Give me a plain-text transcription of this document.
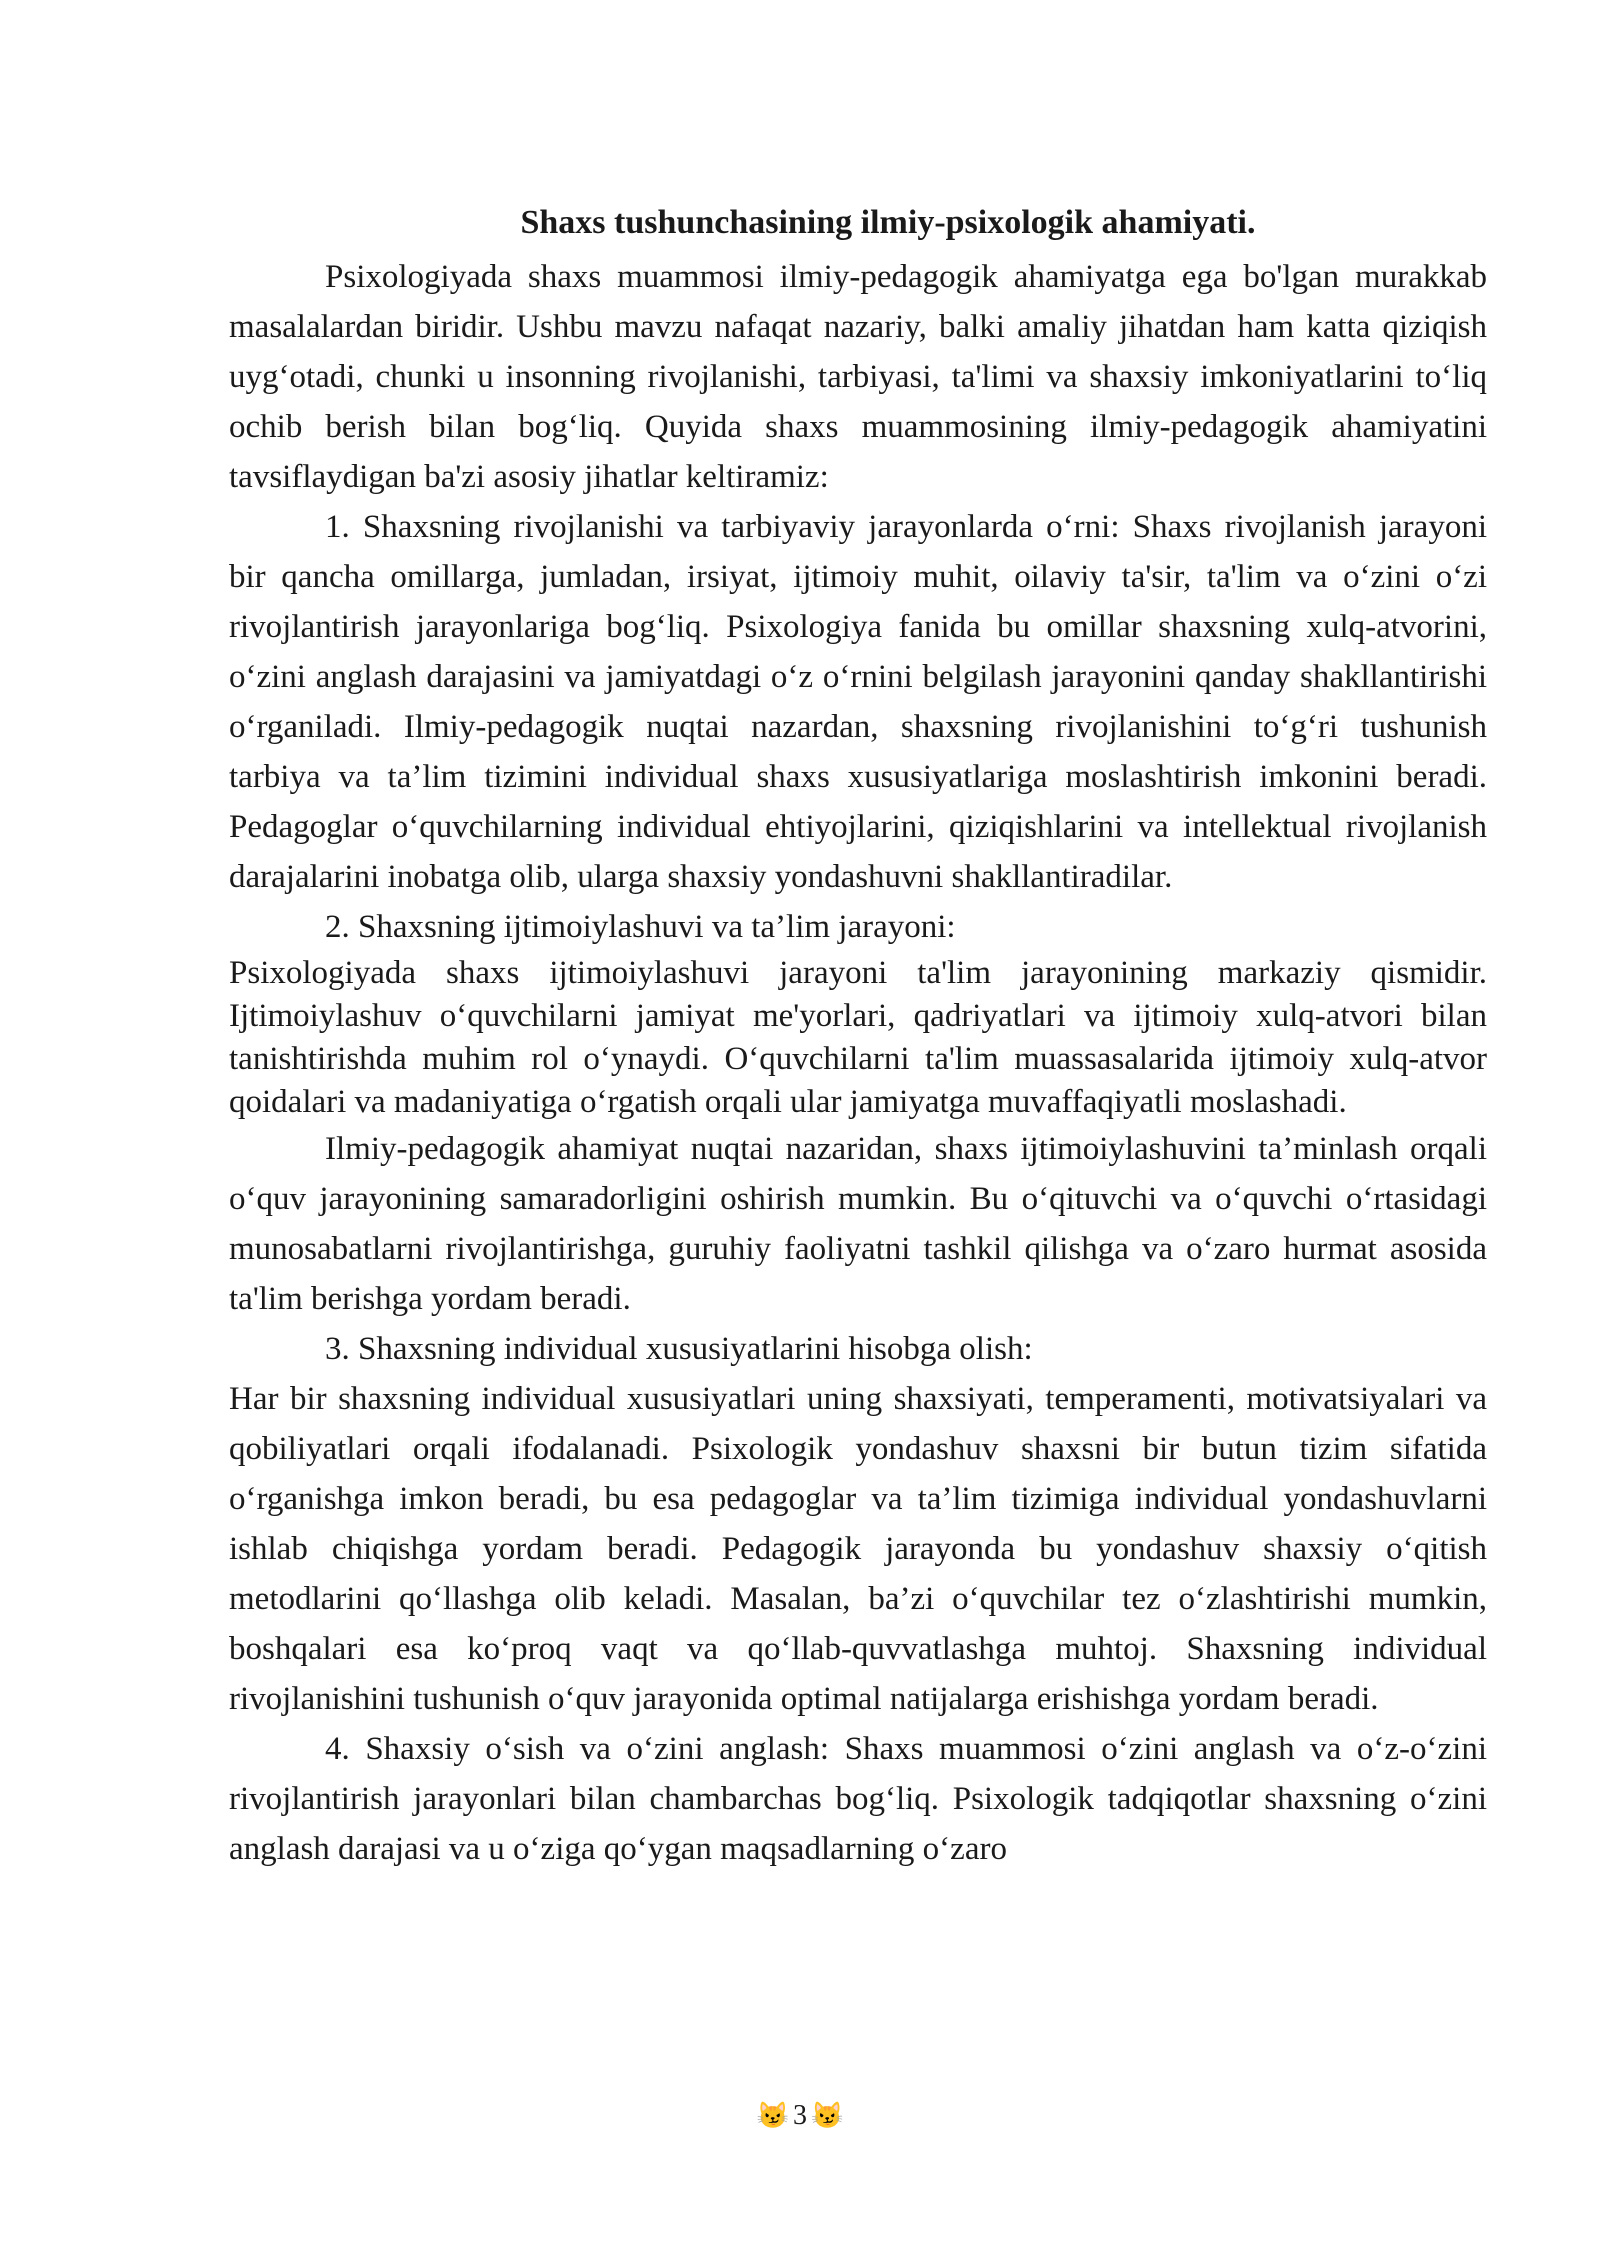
Shaxs tushunchasining ilmiy-psixologik ahamiyati.

Psixologiyada shaxs muammosi ilmiy-pedagogik ahamiyatga ega bo'lgan murakkab masalalardan biridir. Ushbu mavzu nafaqat nazariy, balki amaliy jihatdan ham katta qiziqish uygʻotadi, chunki u insonning rivojlanishi, tarbiyasi, ta'limi va shaxsiy imkoniyatlarini toʻliq ochib berish bilan bogʻliq. Quyida shaxs muammosining ilmiy-pedagogik ahamiyatini tavsiflaydigan ba'zi asosiy jihatlar keltiramiz:

1. Shaxsning rivojlanishi va tarbiyaviy jarayonlarda oʻrni: Shaxs rivojlanish jarayoni bir qancha omillarga, jumladan, irsiyat, ijtimoiy muhit, oilaviy ta'sir, ta'lim va oʻzini oʻzi rivojlantirish jarayonlariga bogʻliq. Psixologiya fanida bu omillar shaxsning xulq-atvorini, oʻzini anglash darajasini va jamiyatdagi oʻz oʻrnini belgilash jarayonini qanday shakllantirishi oʻrganiladi. Ilmiy-pedagogik nuqtai nazardan, shaxsning rivojlanishini toʻgʻri tushunish tarbiya va ta’lim tizimini individual shaxs xususiyatlariga moslashtirish imkonini beradi. Pedagoglar oʻquvchilarning individual ehtiyojlarini, qiziqishlarini va intellektual rivojlanish darajalarini inobatga olib, ularga shaxsiy yondashuvni shakllantiradilar.

2. Shaxsning ijtimoiylashuvi va ta’lim jarayoni:

Psixologiyada shaxs ijtimoiylashuvi jarayoni ta'lim jarayonining markaziy qismidir. Ijtimoiylashuv oʻquvchilarni jamiyat me'yorlari, qadriyatlari va ijtimoiy xulq-atvori bilan tanishtirishda muhim rol oʻynaydi. Oʻquvchilarni ta'lim muassasalarida ijtimoiy xulq-atvor qoidalari va madaniyatiga oʻrgatish orqali ular jamiyatga muvaffaqiyatli moslashadi.

Ilmiy-pedagogik ahamiyat nuqtai nazaridan, shaxs ijtimoiylashuvini ta’minlash orqali oʻquv jarayonining samaradorligini oshirish mumkin. Bu oʻqituvchi va oʻquvchi oʻrtasidagi munosabatlarni rivojlantirishga, guruhiy faoliyatni tashkil qilishga va oʻzaro hurmat asosida ta'lim berishga yordam beradi.

3. Shaxsning individual xususiyatlarini hisobga olish:

Har bir shaxsning individual xususiyatlari uning shaxsiyati, temperamenti, motivatsiyalari va qobiliyatlari orqali ifodalanadi. Psixologik yondashuv shaxsni bir butun tizim sifatida oʻrganishga imkon beradi, bu esa pedagoglar va ta’lim tizimiga individual yondashuvlarni ishlab chiqishga yordam beradi. Pedagogik jarayonda bu yondashuv shaxsiy oʻqitish metodlarini qoʻllashga olib keladi. Masalan, ba’zi oʻquvchilar tez oʻzlashtirishi mumkin, boshqalari esa koʻproq vaqt va qoʻllab-quvvatlashga muhtoj. Shaxsning individual rivojlanishini tushunish oʻquv jarayonida optimal natijalarga erishishga yordam beradi.

4. Shaxsiy oʻsish va oʻzini anglash: Shaxs muammosi oʻzini anglash va oʻz-oʻzini rivojlantirish jarayonlari bilan chambarchas bogʻliq. Psixologik tadqiqotlar shaxsning oʻzini anglash darajasi va u oʻziga qoʻygan maqsadlarning oʻzaro

😼 3 😼
